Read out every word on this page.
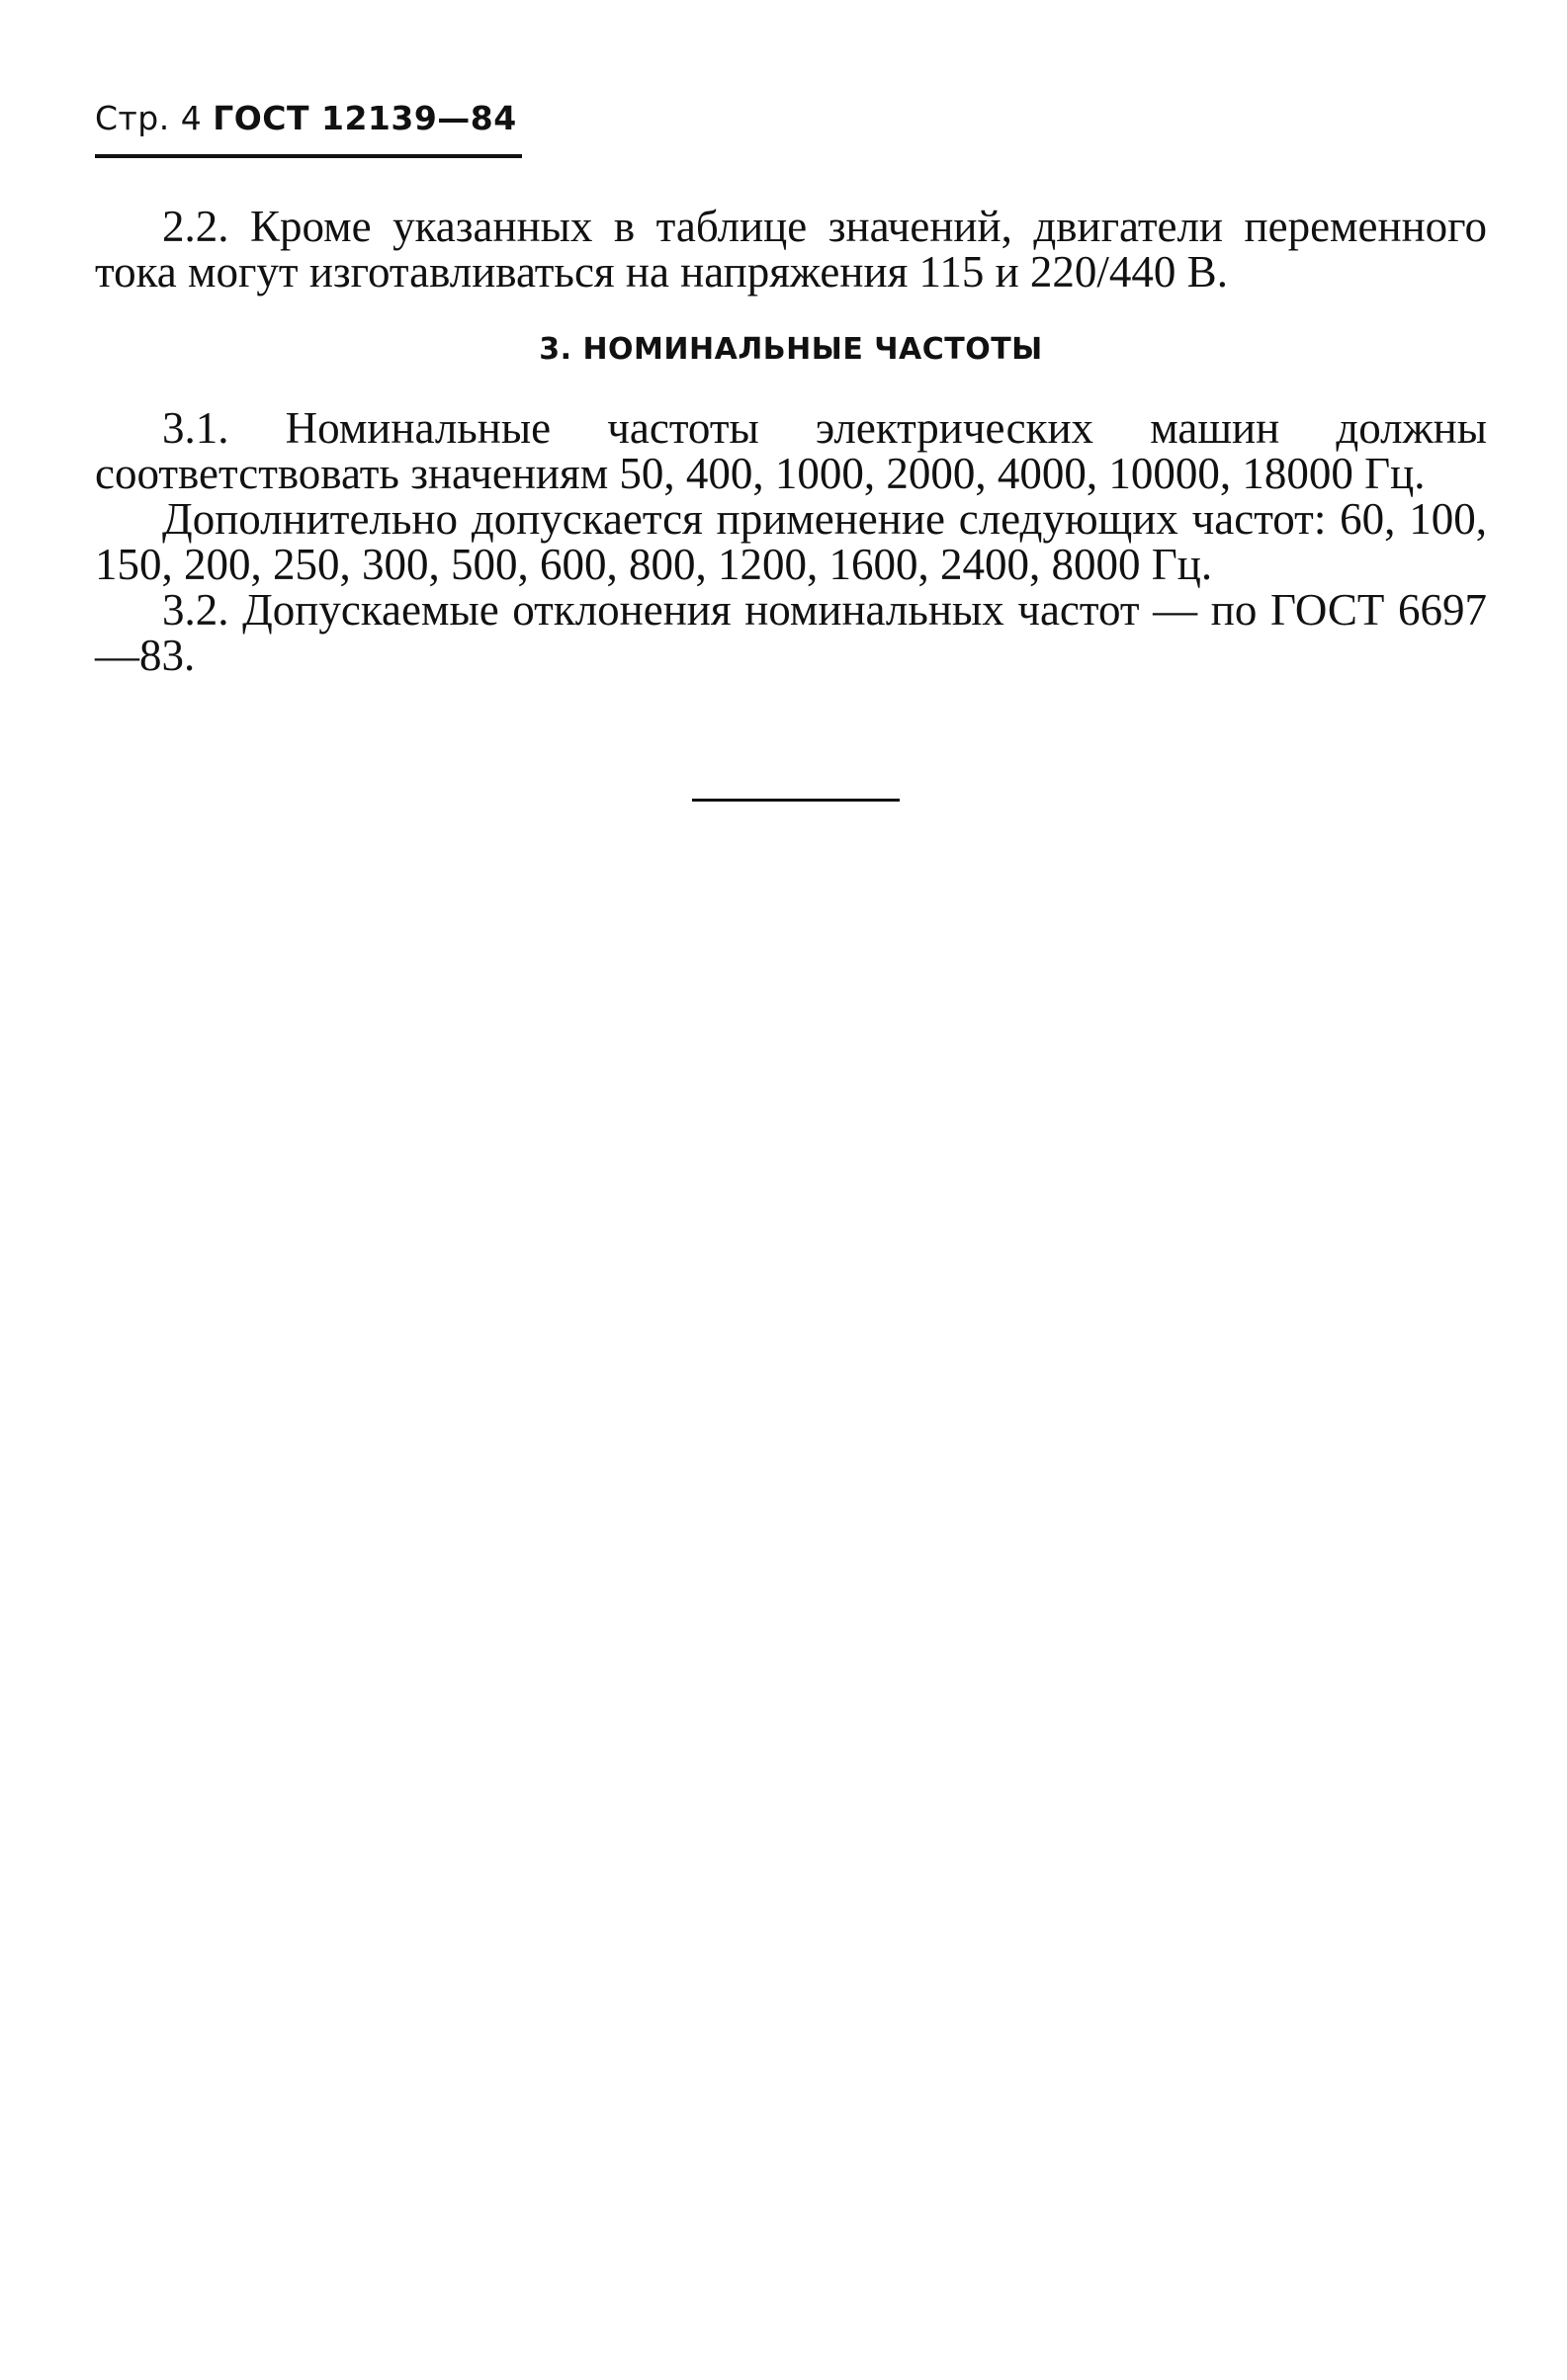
Стр. 4 ГОСТ 12139—84

2.2. Кроме указанных в таблице значений, двигатели переменного тока могут изготавливаться на напряжения 115 и 220/440 В.

3. НОМИНАЛЬНЫЕ ЧАСТОТЫ

3.1. Номинальные частоты электрических машин должны соответствовать значениям 50, 400, 1000, 2000, 4000, 10000, 18000 Гц.

Дополнительно допускается применение следующих частот: 60, 100, 150, 200, 250, 300, 500, 600, 800, 1200, 1600, 2400, 8000 Гц.

3.2. Допускаемые отклонения номинальных частот — по ГОСТ 6697—83.
